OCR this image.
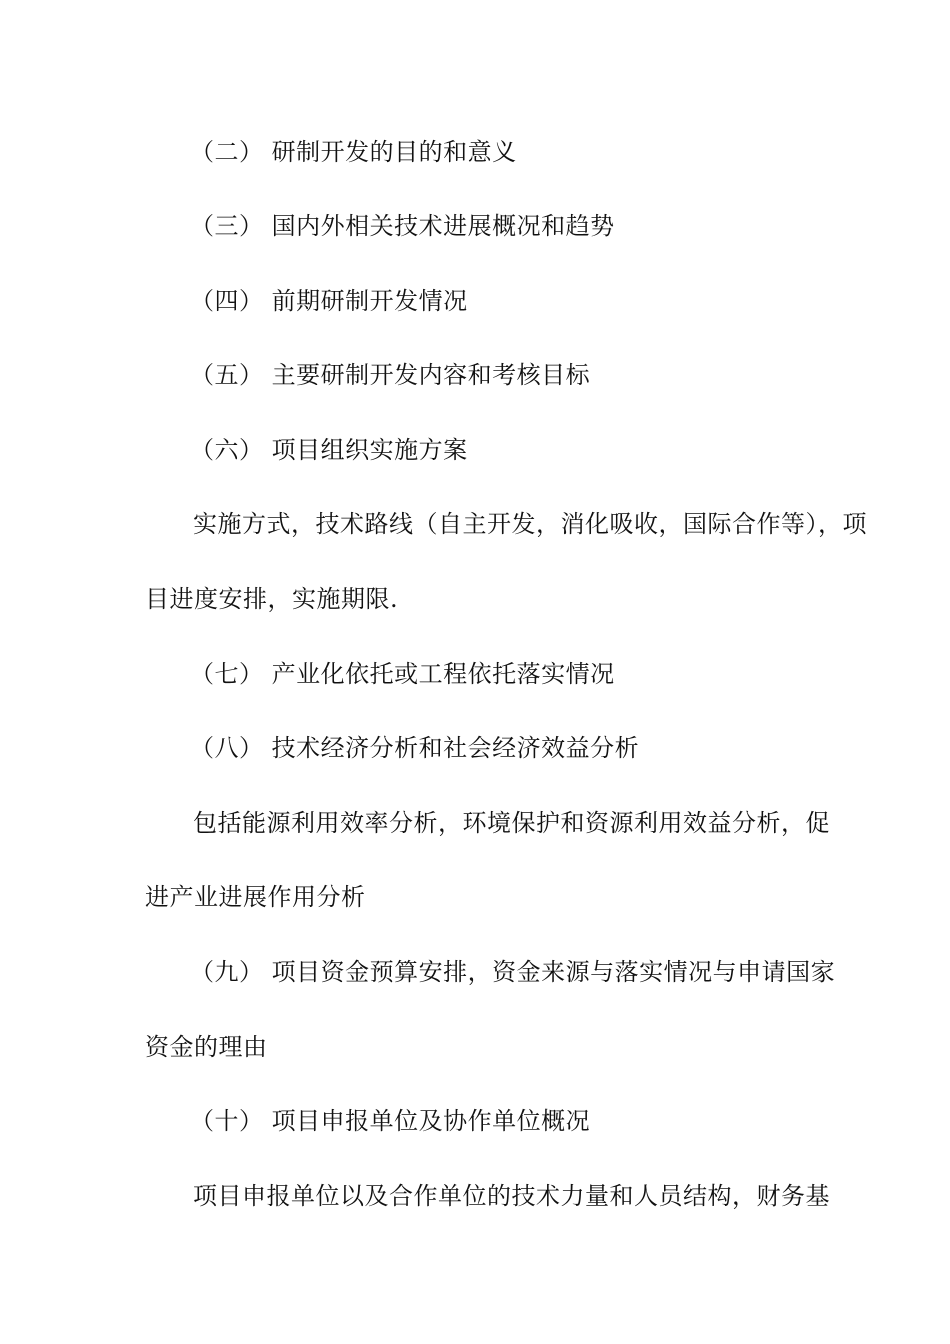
（二） 研制开发的目的和意义
（三） 国内外相关技术进展概况和趋势
（四） 前期研制开发情况
（五） 主要研制开发内容和考核目标
（六） 项目组织实施方案
实施方式，技术路线（自主开发，消化吸收，国际合作等），项
目进度安排，实施期限.
（七） 产业化依托或工程依托落实情况
（八） 技术经济分析和社会经济效益分析
包括能源利用效率分析，环境保护和资源利用效益分析，促
进产业进展作用分析
（九） 项目资金预算安排，资金来源与落实情况与申请国家
资金的理由
（十） 项目申报单位及协作单位概况
项目申报单位以及合作单位的技术力量和人员结构，财务基
